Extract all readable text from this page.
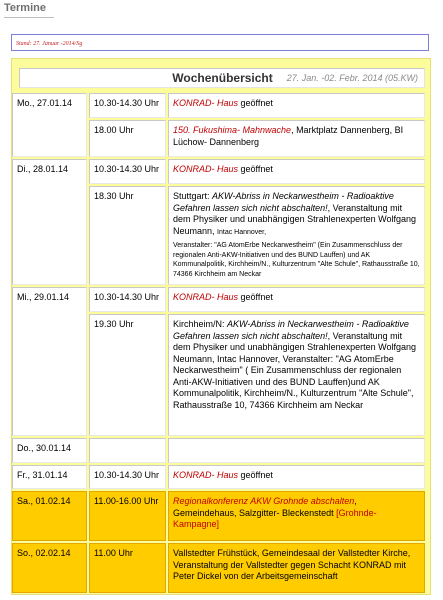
Termine
Stand: 27. Januar -2014/Sg
Wochenübersicht 27. Jan. -02. Febr. 2014 (05.KW)
Mo., 27.01.14	10.30-14.30 Uhr	KONRAD- Haus geöffnet
18.00 Uhr	150. Fukushima- Mahnwache, Marktplatz Dannenberg, BI Lüchow- Dannenberg
Di., 28.01.14	10.30-14.30 Uhr	KONRAD- Haus geöffnet
18.30 Uhr	Stuttgart: AKW-Abriss in Neckarwestheim - Radioaktive Gefahren lassen sich nicht abschalten!, Veranstaltung mit dem Physiker und unabhängigen Strahlenexperten Wolfgang Neumann, Intac Hannover,
Veranstalter: "AG AtomErbe Neckarwestheim" (Ein Zusammenschluss der regionalen Anti-AKW-Initiativen und des BUND Lauffen) und AK Kommunalpolitik, Kirchheim/N., Kulturzentrum "Alte Schule", Rathausstraße 10, 74366 Kirchheim am Neckar
Mi., 29.01.14	10.30-14.30 Uhr	KONRAD- Haus geöffnet
19.30 Uhr	Kirchheim/N: AKW-Abriss in Neckarwestheim - Radioaktive Gefahren lassen sich nicht abschalten!, Veranstaltung mit dem Physiker und unabhängigen Strahlenexperten Wolfgang Neumann, Intac Hannover, Veranstalter: "AG AtomErbe Neckarwestheim" ( Ein Zusammenschluss der regionalen Anti-AKW-Initiativen und des BUND Lauffen)und AK Kommunalpolitik, Kirchheim/N., Kulturzentrum "Alte Schule", Rathausstraße 10, 74366 Kirchheim am Neckar
Do., 30.01.14
Fr., 31.01.14	10.30-14.30 Uhr	KONRAD- Haus geöffnet
Sa., 01.02.14	11.00-16.00 Uhr	Regionalkonferenz AKW Grohnde abschalten, Gemeindehaus, Salzgitter- Bleckenstedt [Grohnde-Kampagne]
So., 02.02.14	11.00 Uhr	Vallstedter Frühstück, Gemeindesaal der Vallstedter Kirche, Veranstaltung der Vallstedter gegen Schacht KONRAD mit Peter Dickel von der Arbeitsgemeinschaft
